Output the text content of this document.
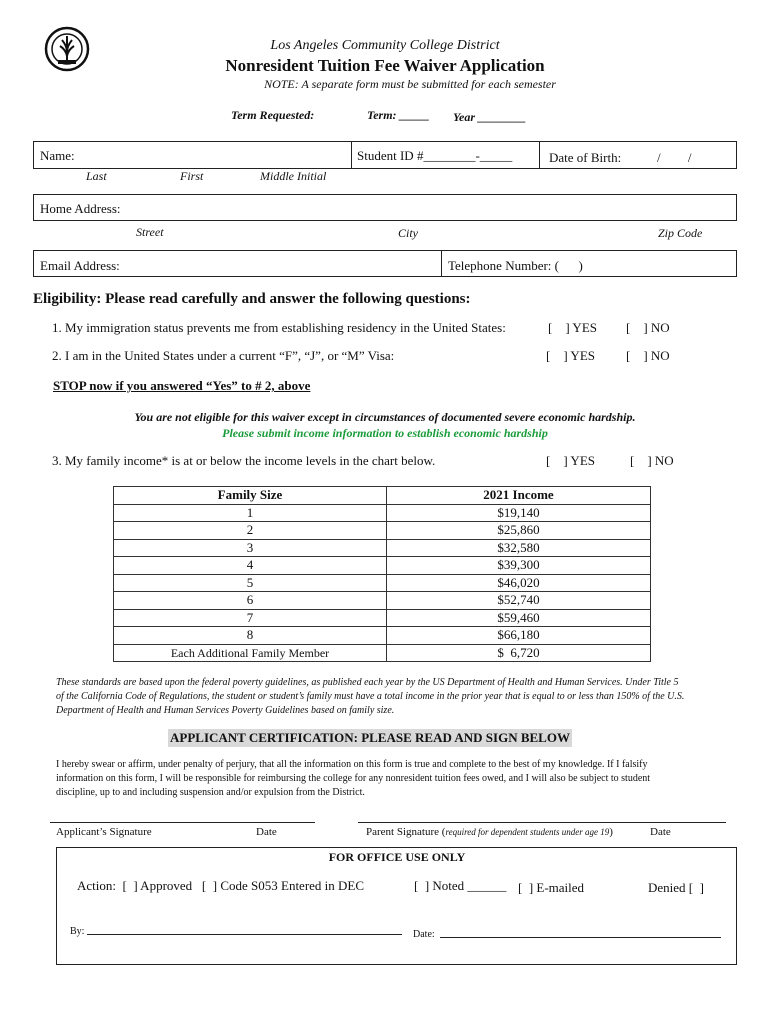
Los Angeles Community College District
Nonresident Tuition Fee Waiver Application
NOTE: A separate form must be submitted for each semester
Term Requested:	Term: _____ Year ________
Name:	Student ID #________-_____	Date of Birth:	/ /
Last	First	Middle Initial
Home Address:
Street	City	Zip Code
Email Address:	Telephone Number: (      )
Eligibility: Please read carefully and answer the following questions:
1. My immigration status prevents me from establishing residency in the United States:	[    ] YES [    ] NO
2. I am in the United States under a current “F”, “J”, or “M” Visa:	[    ] YES [    ] NO
STOP now if you answered “Yes” to # 2, above
You are not eligible for this waiver except in circumstances of documented severe economic hardship.
Please submit income information to establish economic hardship
3. My family income* is at or below the income levels in the chart below.	[    ] YES	[    ] NO
Family Size	2021 Income
1	$19,140
2	$25,860
3	$32,580
4	$39,300
5	$46,020
6	$52,740
7	$59,460
8	$66,180
Each Additional Family Member	$  6,720
These standards are based upon the federal poverty guidelines, as published each year by the US Department of Health and Human Services. Under Title 5 of the California Code of Regulations, the student or student’s family must have a total income in the prior year that is equal to or less than 150% of the U.S. Department of Health and Human Services Poverty Guidelines based on family size.
APPLICANT CERTIFICATION: PLEASE READ AND SIGN BELOW
I hereby swear or affirm, under penalty of perjury, that all the information on this form is true and complete to the best of my knowledge. If I falsify information on this form, I will be responsible for reimbursing the college for any nonresident tuition fees owed, and I will also be subject to student discipline, up to and including suspension and/or expulsion from the District.
Applicant’s Signature	Date	Parent Signature (required for dependent students under age 19)	Date
FOR OFFICE USE ONLY
Action:  [  ] Approved   [  ] Code S053 Entered in DEC	[  ] Noted ______ [  ] E-mailed	Denied [  ]
By:	Date:
